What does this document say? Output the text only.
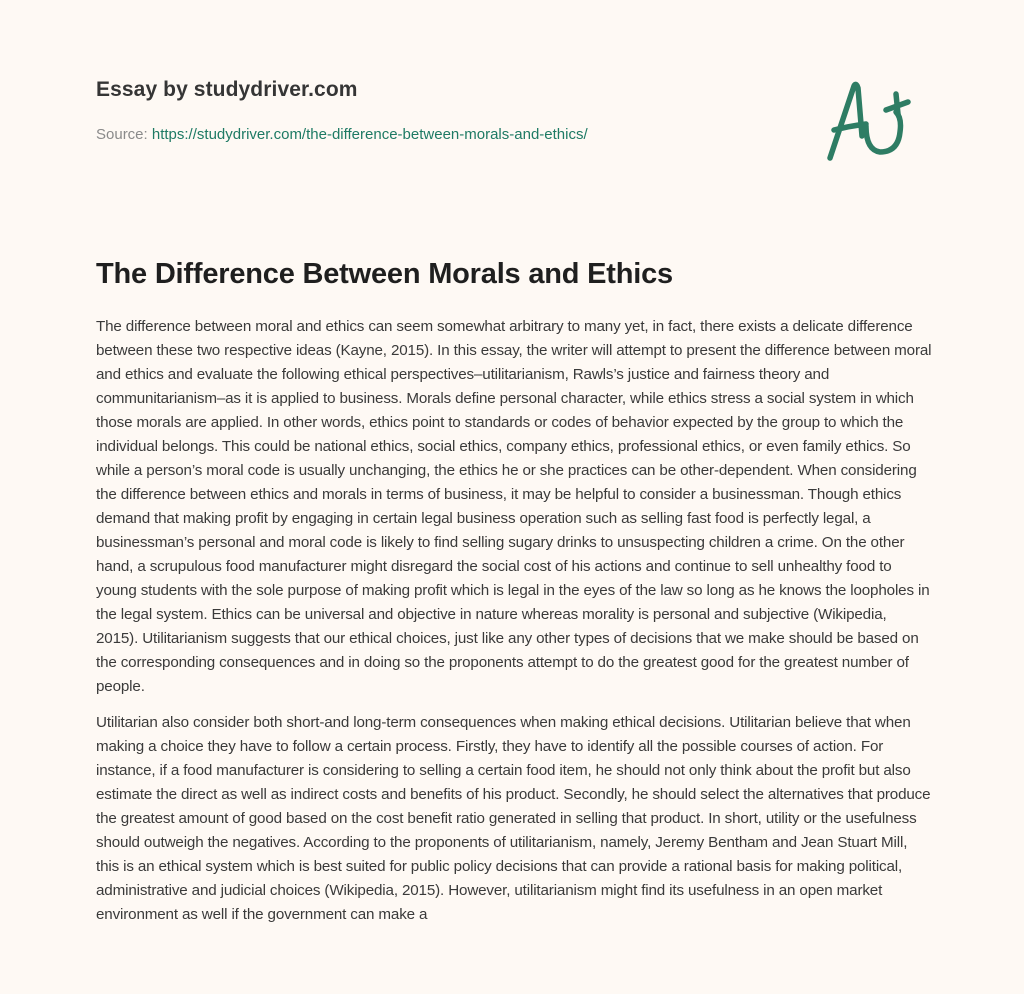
Essay by studydriver.com
Source: https://studydriver.com/the-difference-between-morals-and-ethics/
The Difference Between Morals and Ethics

The difference between moral and ethics can seem somewhat arbitrary to many yet, in fact, there exists a delicate difference between these two respective ideas (Kayne, 2015). In this essay, the writer will attempt to present the difference between moral and ethics and evaluate the following ethical perspectives–utilitarianism, Rawls’s justice and fairness theory and communitarianism–as it is applied to business. Morals define personal character, while ethics stress a social system in which those morals are applied. In other words, ethics point to standards or codes of behavior expected by the group to which the individual belongs. This could be national ethics, social ethics, company ethics, professional ethics, or even family ethics. So while a person’s moral code is usually unchanging, the ethics he or she practices can be other-dependent. When considering the difference between ethics and morals in terms of business, it may be helpful to consider a businessman. Though ethics demand that making profit by engaging in certain legal business operation such as selling fast food is perfectly legal, a businessman’s personal and moral code is likely to find selling sugary drinks to unsuspecting children a crime. On the other hand, a scrupulous food manufacturer might disregard the social cost of his actions and continue to sell unhealthy food to young students with the sole purpose of making profit which is legal in the eyes of the law so long as he knows the loopholes in the legal system. Ethics can be universal and objective in nature whereas morality is personal and subjective (Wikipedia, 2015). Utilitarianism suggests that our ethical choices, just like any other types of decisions that we make should be based on the corresponding consequences and in doing so the proponents attempt to do the greatest good for the greatest number of people.

Utilitarian also consider both short-and long-term consequences when making ethical decisions. Utilitarian believe that when making a choice they have to follow a certain process. Firstly, they have to identify all the possible courses of action. For instance, if a food manufacturer is considering to selling a certain food item, he should not only think about the profit but also estimate the direct as well as indirect costs and benefits of his product. Secondly, he should select the alternatives that produce the greatest amount of good based on the cost benefit ratio generated in selling that product. In short, utility or the usefulness should outweigh the negatives. According to the proponents of utilitarianism, namely, Jeremy Bentham and Jean Stuart Mill, this is an ethical system which is best suited for public policy decisions that can provide a rational basis for making political, administrative and judicial choices (Wikipedia, 2015). However, utilitarianism might find its usefulness in an open market environment as well if the government can make a
